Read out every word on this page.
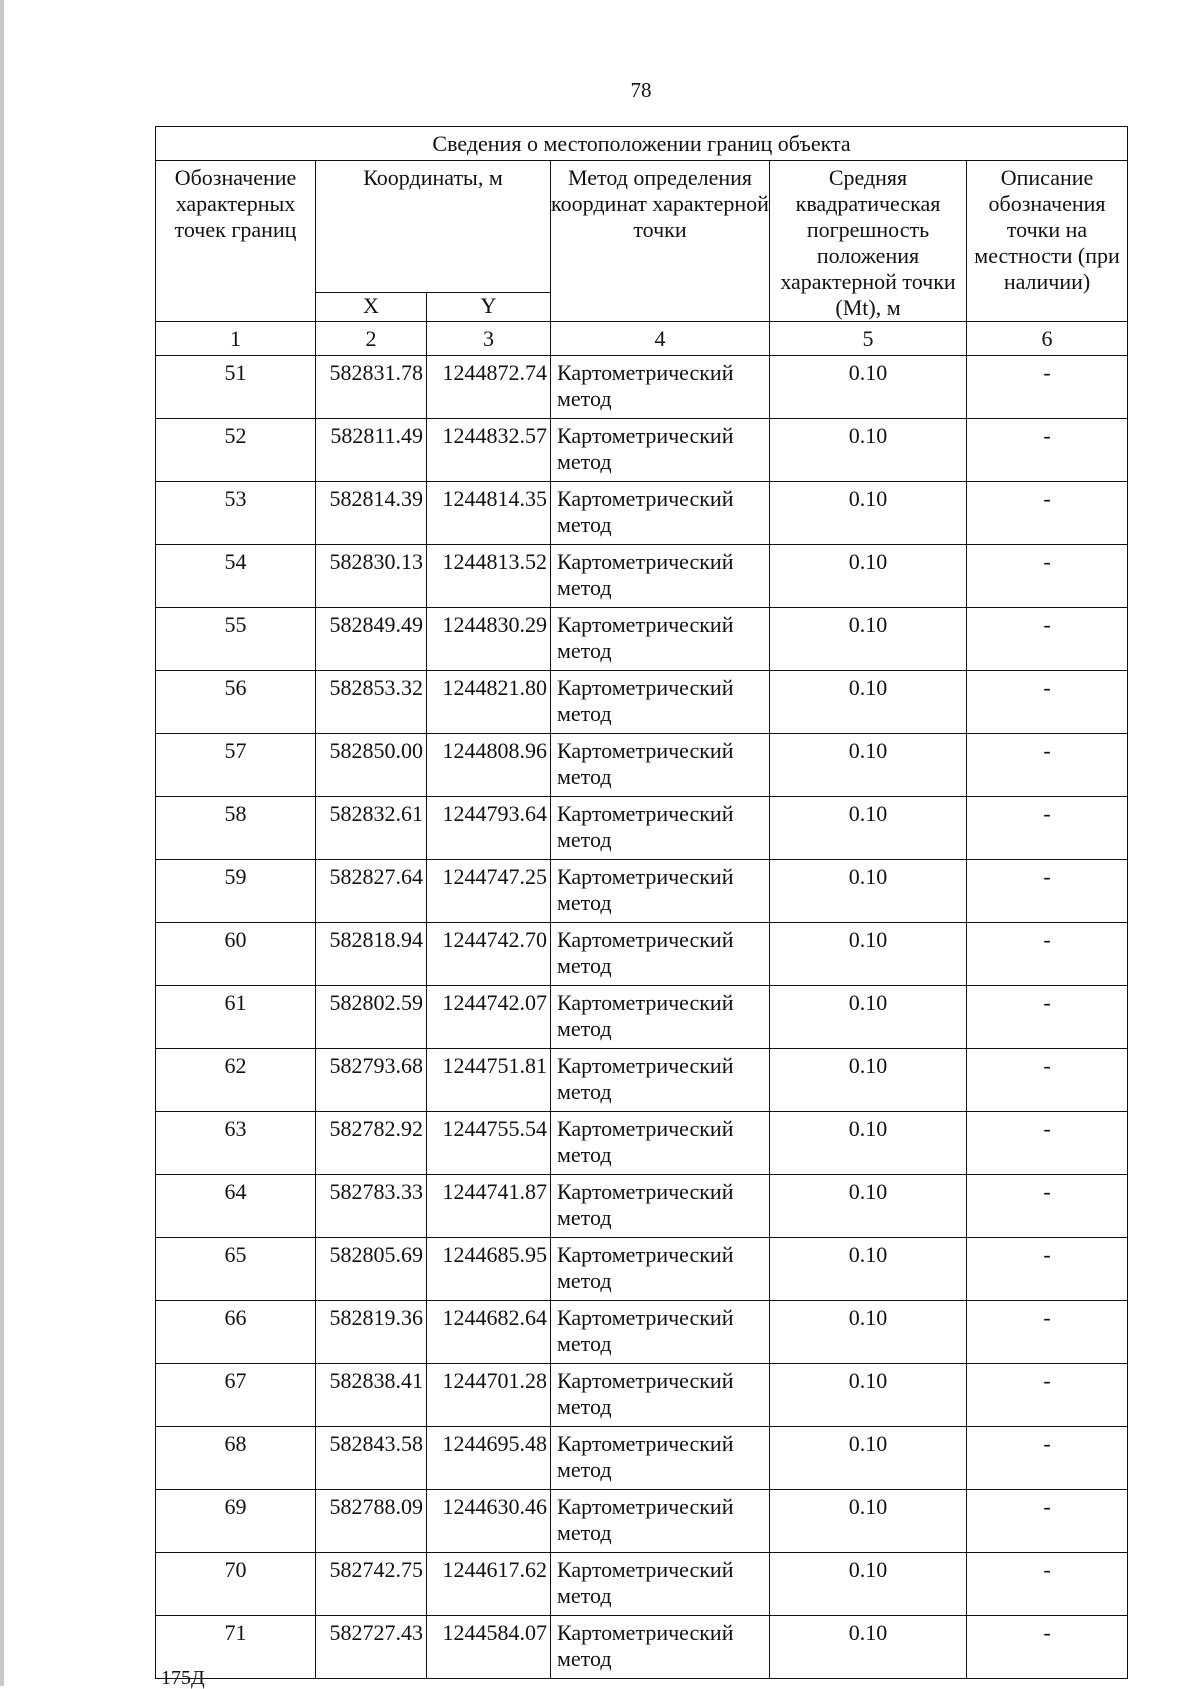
78
Сведения о местоположении границ объекта					
Обозначение характерных точек границ	Координаты, м		Метод определения координат характерной точки	Средняя квадратическая погрешность положения характерной точки (Mt), м	Описание обозначения точки на местности (при наличии)
	X	Y			
1	2	3	4	5	6
51	582831.78	1244872.74	Картометрический метод	0.10	-
52	582811.49	1244832.57	Картометрический метод	0.10	-
53	582814.39	1244814.35	Картометрический метод	0.10	-
54	582830.13	1244813.52	Картометрический метод	0.10	-
55	582849.49	1244830.29	Картометрический метод	0.10	-
56	582853.32	1244821.80	Картометрический метод	0.10	-
57	582850.00	1244808.96	Картометрический метод	0.10	-
58	582832.61	1244793.64	Картометрический метод	0.10	-
59	582827.64	1244747.25	Картометрический метод	0.10	-
60	582818.94	1244742.70	Картометрический метод	0.10	-
61	582802.59	1244742.07	Картометрический метод	0.10	-
62	582793.68	1244751.81	Картометрический метод	0.10	-
63	582782.92	1244755.54	Картометрический метод	0.10	-
64	582783.33	1244741.87	Картометрический метод	0.10	-
65	582805.69	1244685.95	Картометрический метод	0.10	-
66	582819.36	1244682.64	Картометрический метод	0.10	-
67	582838.41	1244701.28	Картометрический метод	0.10	-
68	582843.58	1244695.48	Картометрический метод	0.10	-
69	582788.09	1244630.46	Картометрический метод	0.10	-
70	582742.75	1244617.62	Картометрический метод	0.10	-
71	582727.43	1244584.07	Картометрический метод	0.10	-
175Д
